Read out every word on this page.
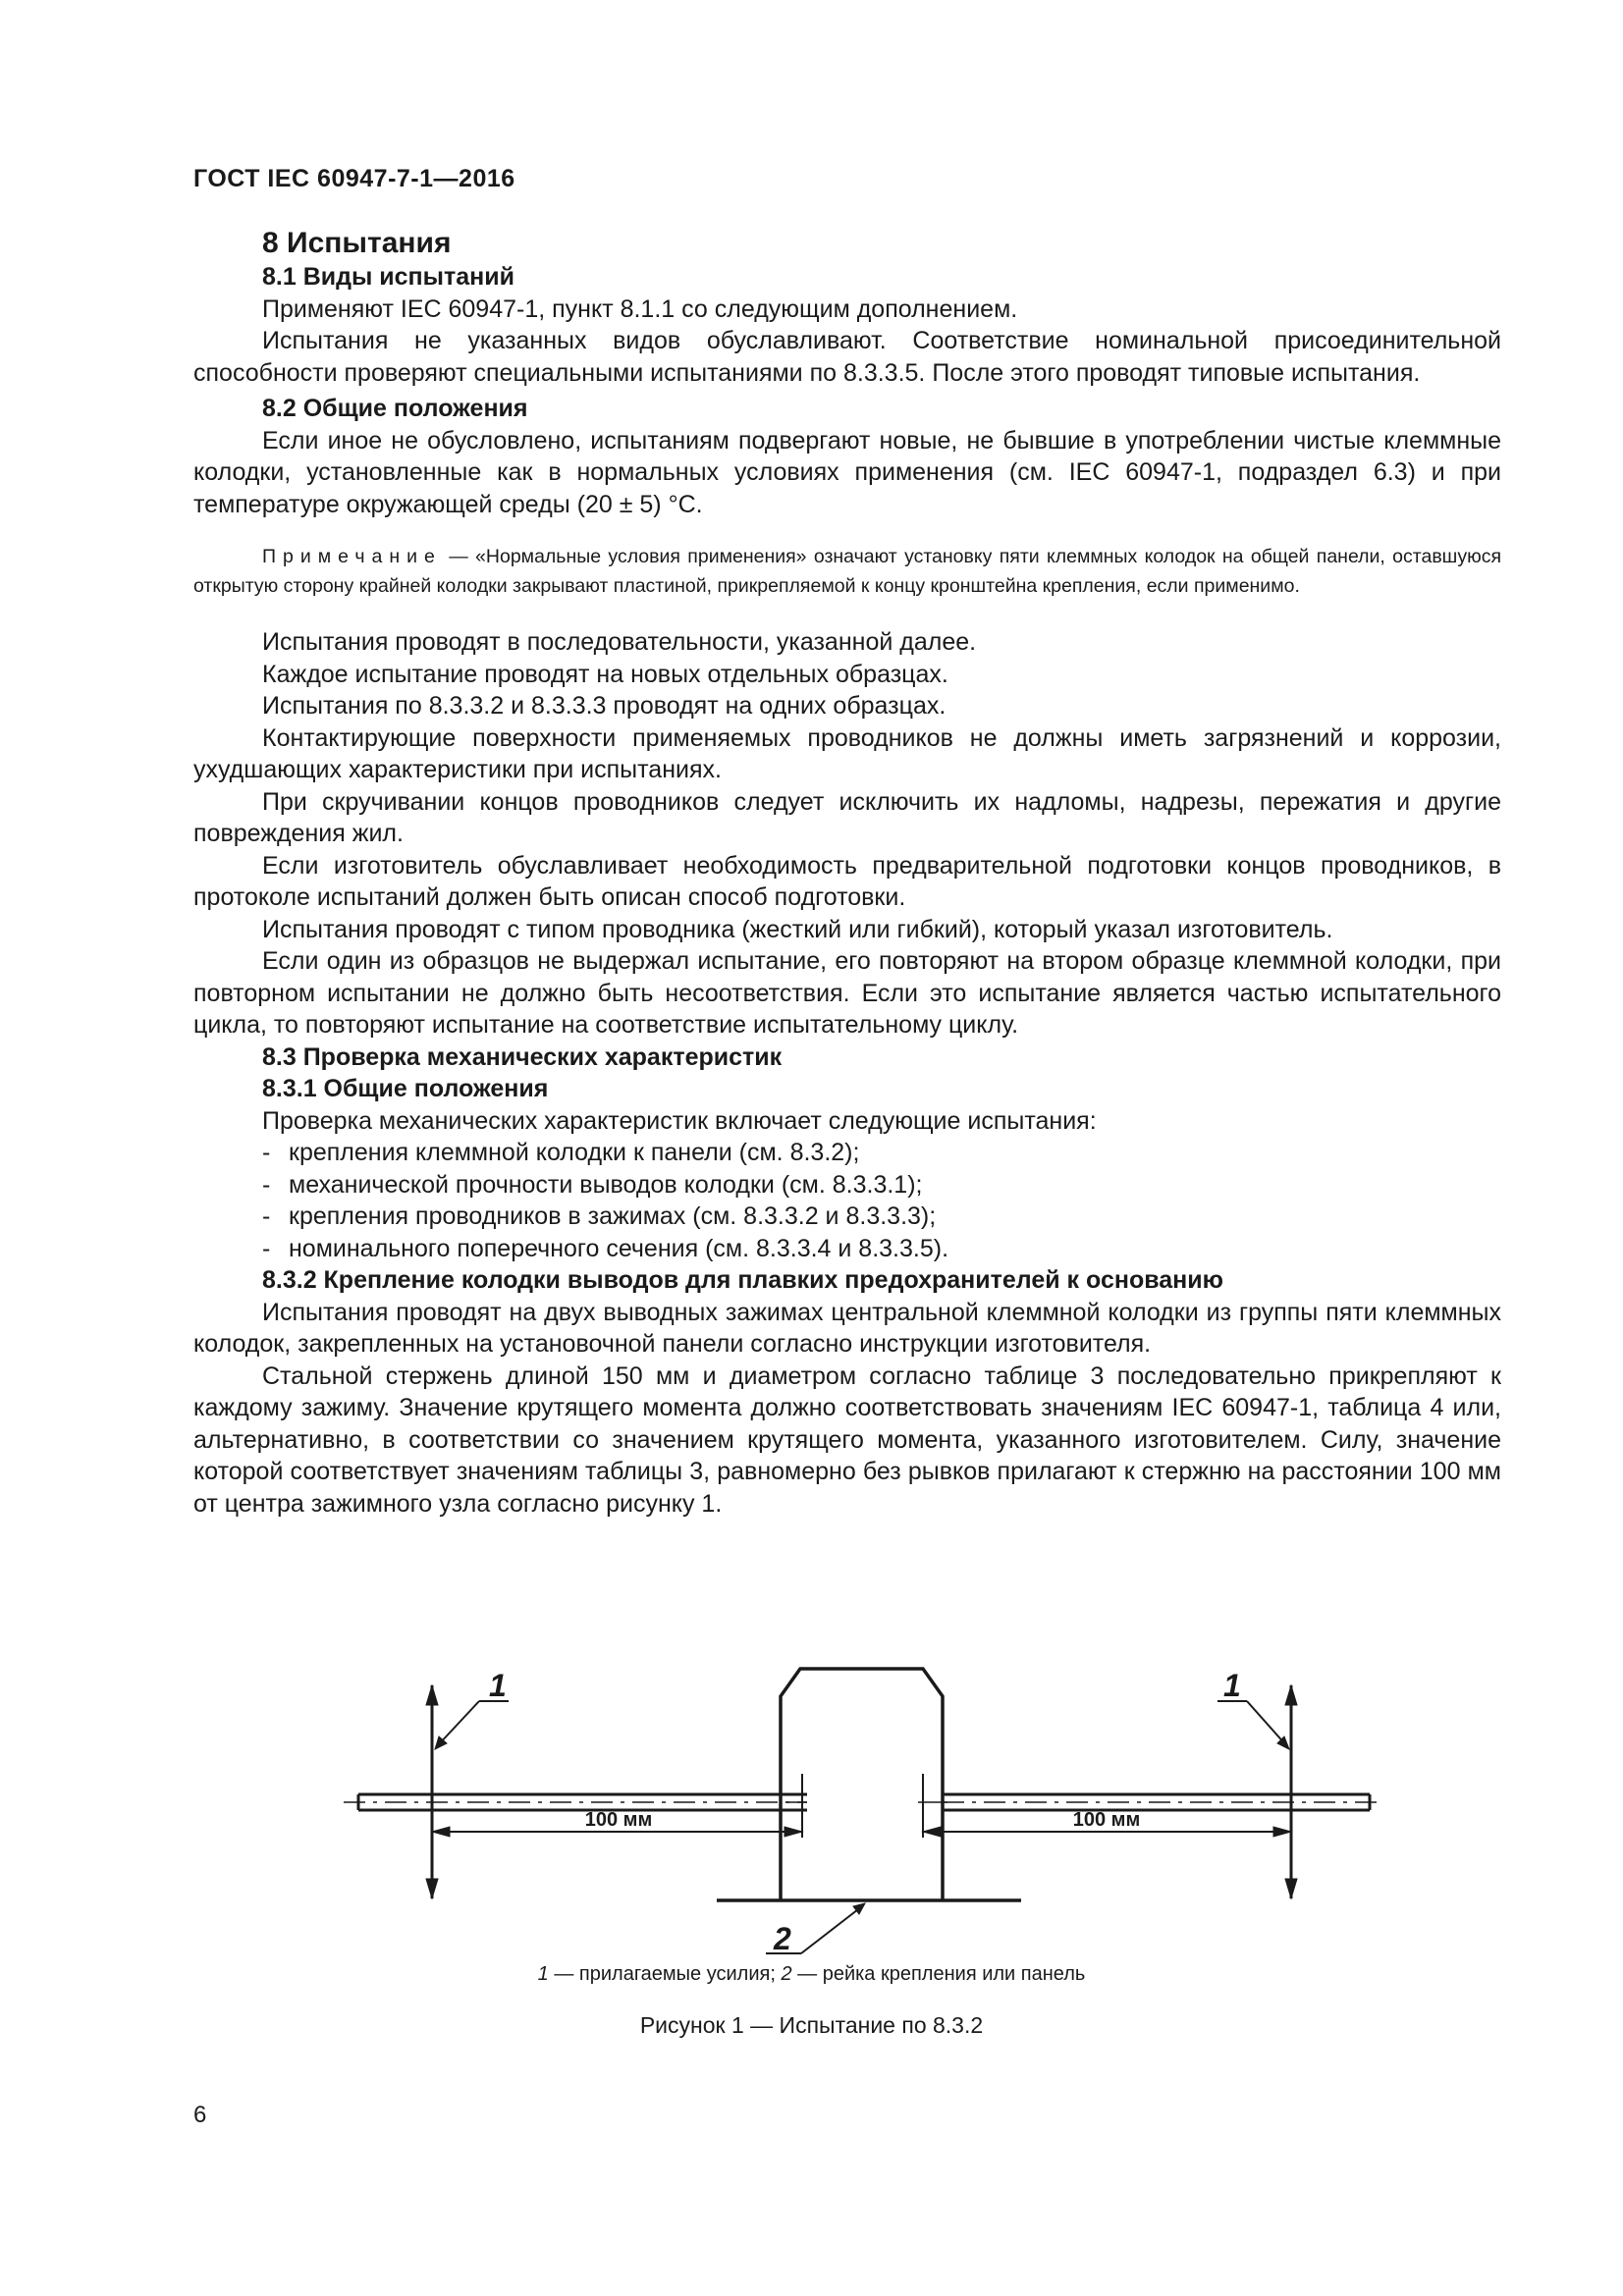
ГОСТ IEC 60947-7-1—2016

8 Испытания

8.1 Виды испытаний

Применяют IEC 60947-1, пункт 8.1.1 со следующим дополнением.

Испытания не указанных видов обуславливают. Соответствие номинальной присоединительной способности проверяют специальными испытаниями по 8.3.3.5. После этого проводят типовые испытания.

8.2 Общие положения

Если иное не обусловлено, испытаниям подвергают новые, не бывшие в употреблении чистые клеммные колодки, установленные как в нормальных условиях применения (см. IEC 60947-1, подраздел 6.3) и при температуре окружающей среды (20 ± 5) °С.

Примечание — «Нормальные условия применения» означают установку пяти клеммных колодок на общей панели, оставшуюся открытую сторону крайней колодки закрывают пластиной, прикрепляемой к концу кронштейна крепления, если применимо.

Испытания проводят в последовательности, указанной далее.

Каждое испытание проводят на новых отдельных образцах.

Испытания по 8.3.3.2 и 8.3.3.3 проводят на одних образцах.

Контактирующие поверхности применяемых проводников не должны иметь загрязнений и коррозии, ухудшающих характеристики при испытаниях.

При скручивании концов проводников следует исключить их надломы, надрезы, пережатия и другие повреждения жил.

Если изготовитель обуславливает необходимость предварительной подготовки концов проводников, в протоколе испытаний должен быть описан способ подготовки.

Испытания проводят с типом проводника (жесткий или гибкий), который указал изготовитель.

Если один из образцов не выдержал испытание, его повторяют на втором образце клеммной колодки, при повторном испытании не должно быть несоответствия. Если это испытание является частью испытательного цикла, то повторяют испытание на соответствие испытательному циклу.

8.3 Проверка механических характеристик

8.3.1 Общие положения

Проверка механических характеристик включает следующие испытания:

- крепления клеммной колодки к панели (см. 8.3.2);

- механической прочности выводов колодки (см. 8.3.3.1);

- крепления проводников в зажимах (см. 8.3.3.2 и 8.3.3.3);

- номинального поперечного сечения (см. 8.3.3.4 и 8.3.3.5).

8.3.2 Крепление колодки выводов для плавких предохранителей к основанию

Испытания проводят на двух выводных зажимах центральной клеммной колодки из группы пяти клеммных колодок, закрепленных на установочной панели согласно инструкции изготовителя.

Стальной стержень длиной 150 мм и диаметром согласно таблице 3 последовательно прикрепляют к каждому зажиму. Значение крутящего момента должно соответствовать значениям IEC 60947-1, таблица 4 или, альтернативно, в соответствии со значением крутящего момента, указанного изготовителем. Силу, значение которой соответствует значениям таблицы 3, равномерно без рывков прилагают к стержню на расстоянии 100 мм от центра зажимного узла согласно рисунку 1.

100 мм	100 мм
1	1
2
1 — прилагаемые усилия; 2 — рейка крепления или панель
Рисунок 1 — Испытание по 8.3.2
6
